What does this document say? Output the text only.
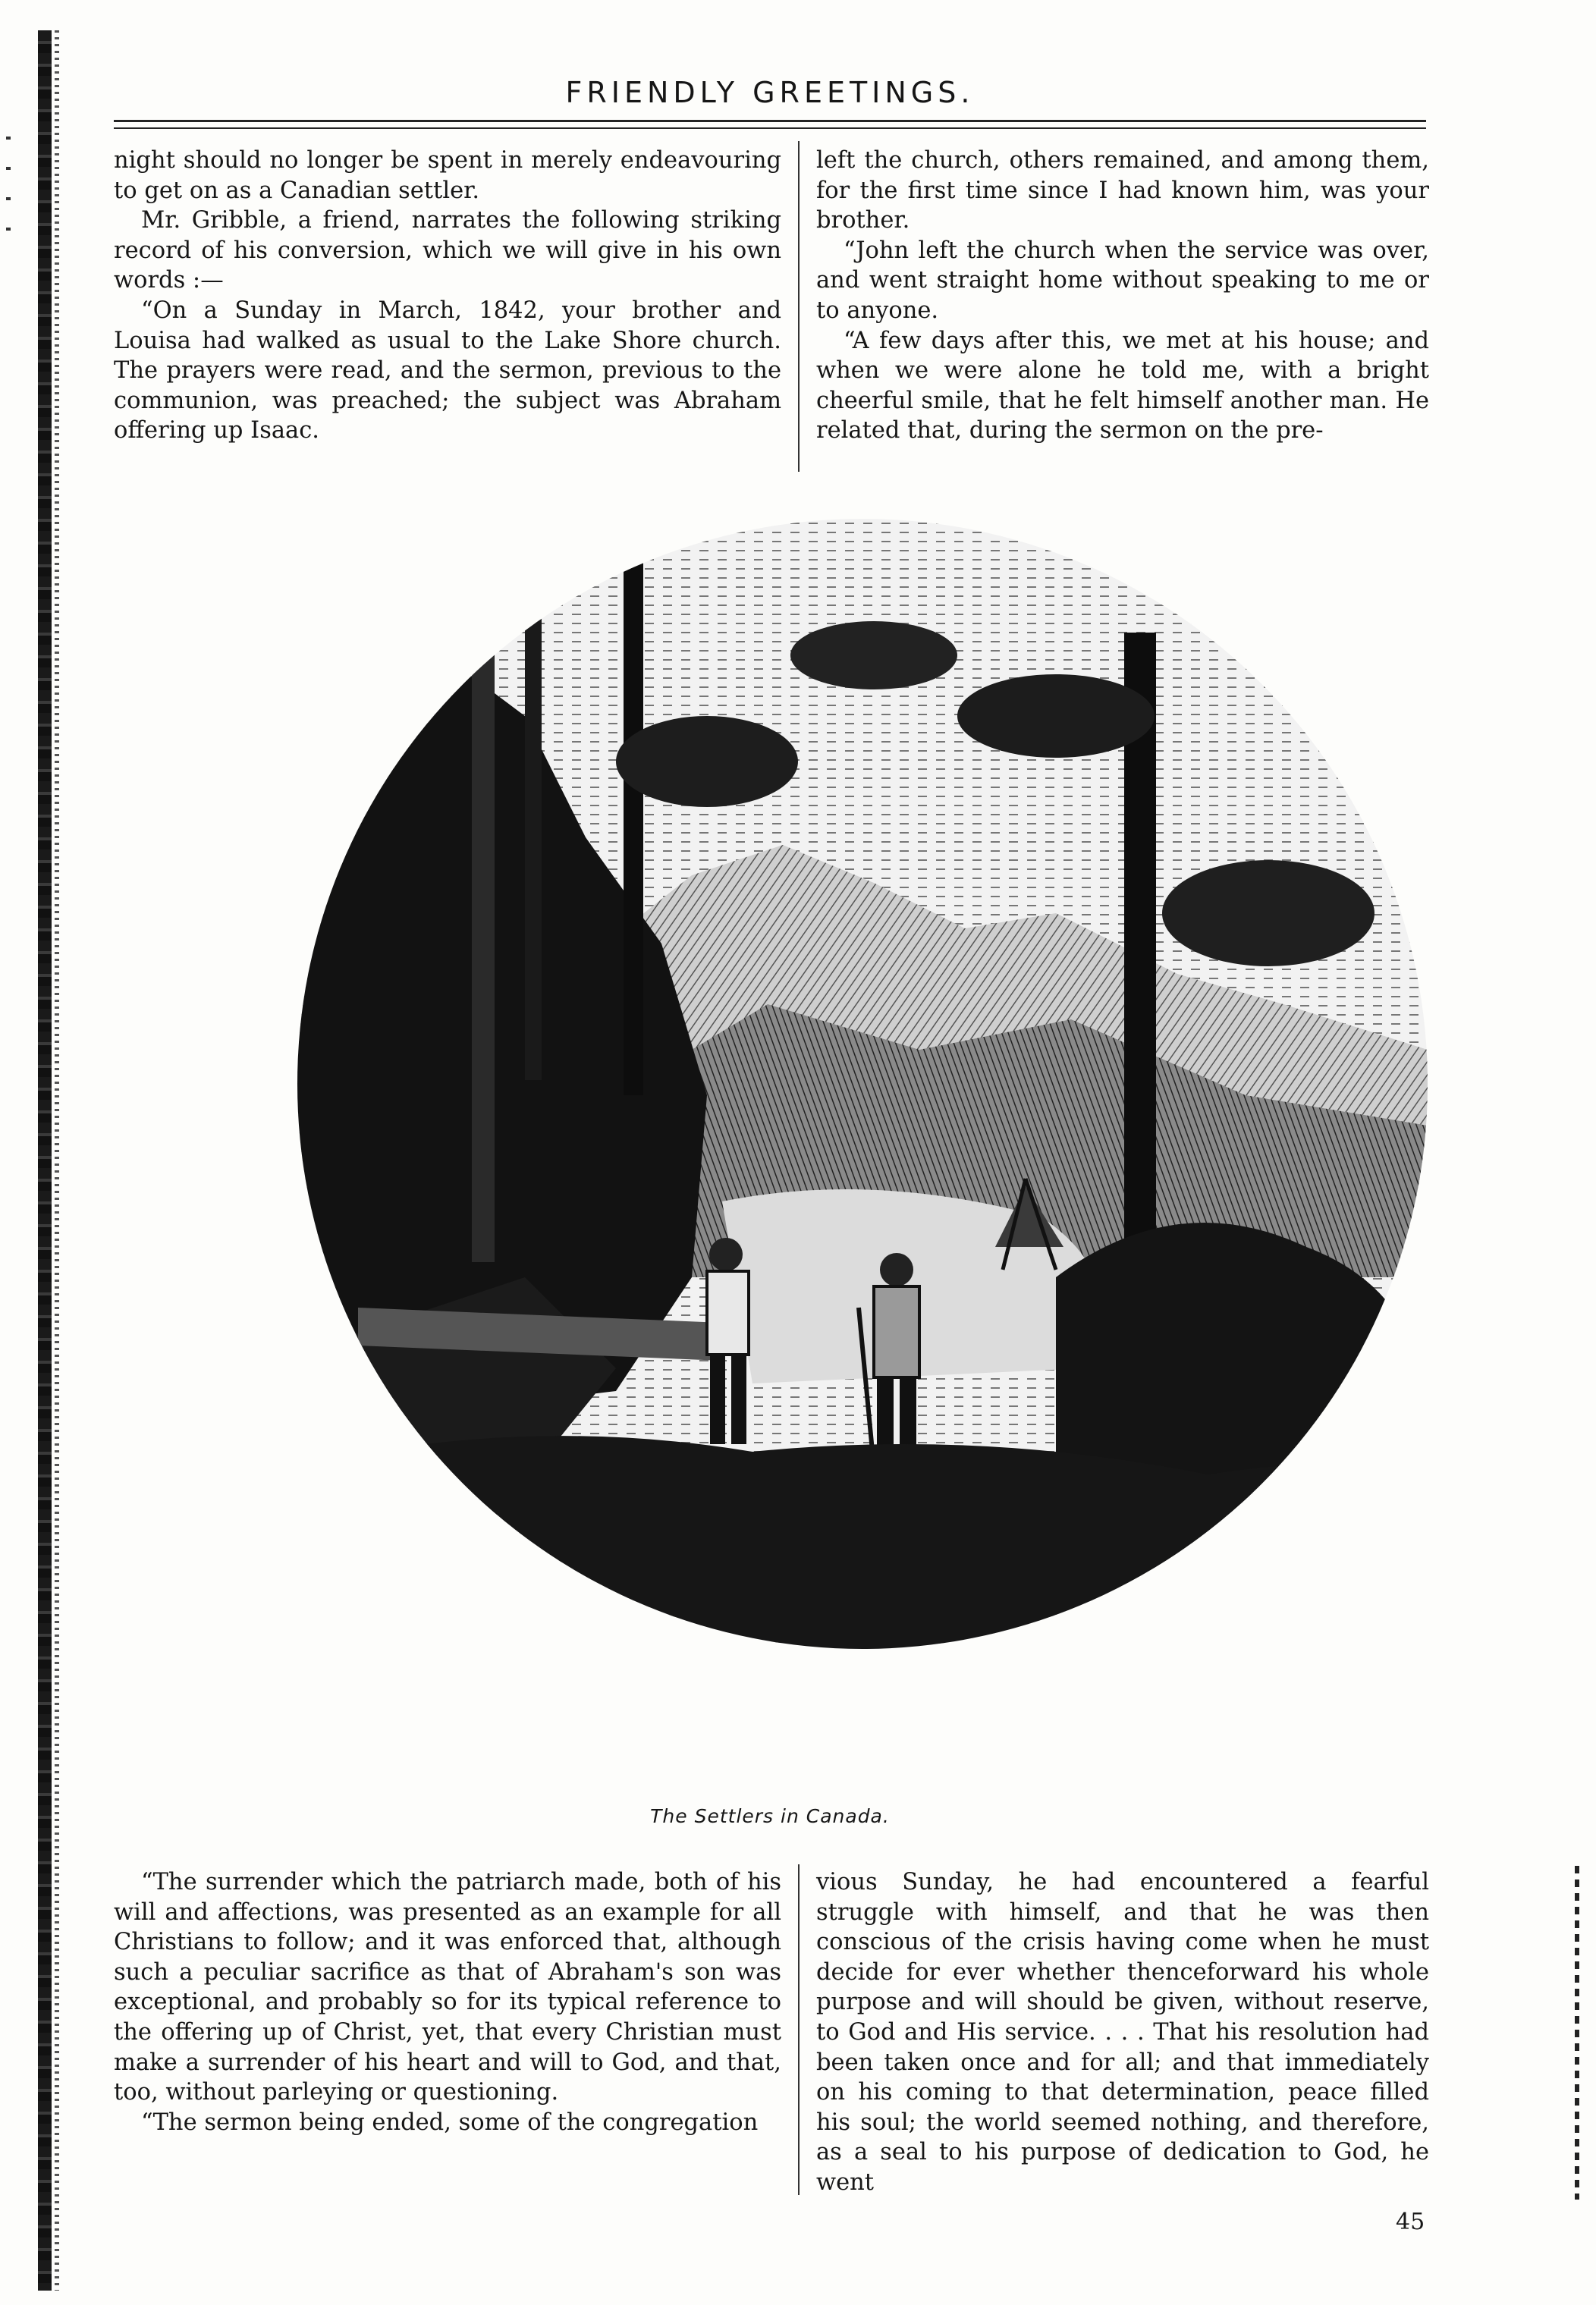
FRIENDLY GREETINGS.

night should no longer be spent in merely endeavouring to get on as a Canadian settler.

Mr. Gribble, a friend, narrates the following striking record of his conversion, which we will give in his own words :—

“On a Sunday in March, 1842, your brother and Louisa had walked as usual to the Lake Shore church. The prayers were read, and the sermon, previous to the communion, was preached; the subject was Abraham offering up Isaac.

left the church, others remained, and among them, for the first time since I had known him, was your brother.

“John left the church when the service was over, and went straight home without speaking to me or to anyone.

“A few days after this, we met at his house; and when we were alone he told me, with a bright cheerful smile, that he felt himself another man. He related that, during the sermon on the pre-

The Settlers in Canada.

“The surrender which the patriarch made, both of his will and affections, was presented as an example for all Christians to follow; and it was enforced that, although such a peculiar sacrifice as that of Abraham's son was exceptional, and probably so for its typical reference to the offering up of Christ, yet, that every Christian must make a surrender of his heart and will to God, and that, too, without parleying or questioning.

“The sermon being ended, some of the congregation

vious Sunday, he had encountered a fearful struggle with himself, and that he was then conscious of the crisis having come when he must decide for ever whether thenceforward his whole purpose and will should be given, without reserve, to God and His service. . . . That his resolution had been taken once and for all; and that immediately on his coming to that determination, peace filled his soul; the world seemed nothing, and therefore, as a seal to his purpose of dedication to God, he went

45
